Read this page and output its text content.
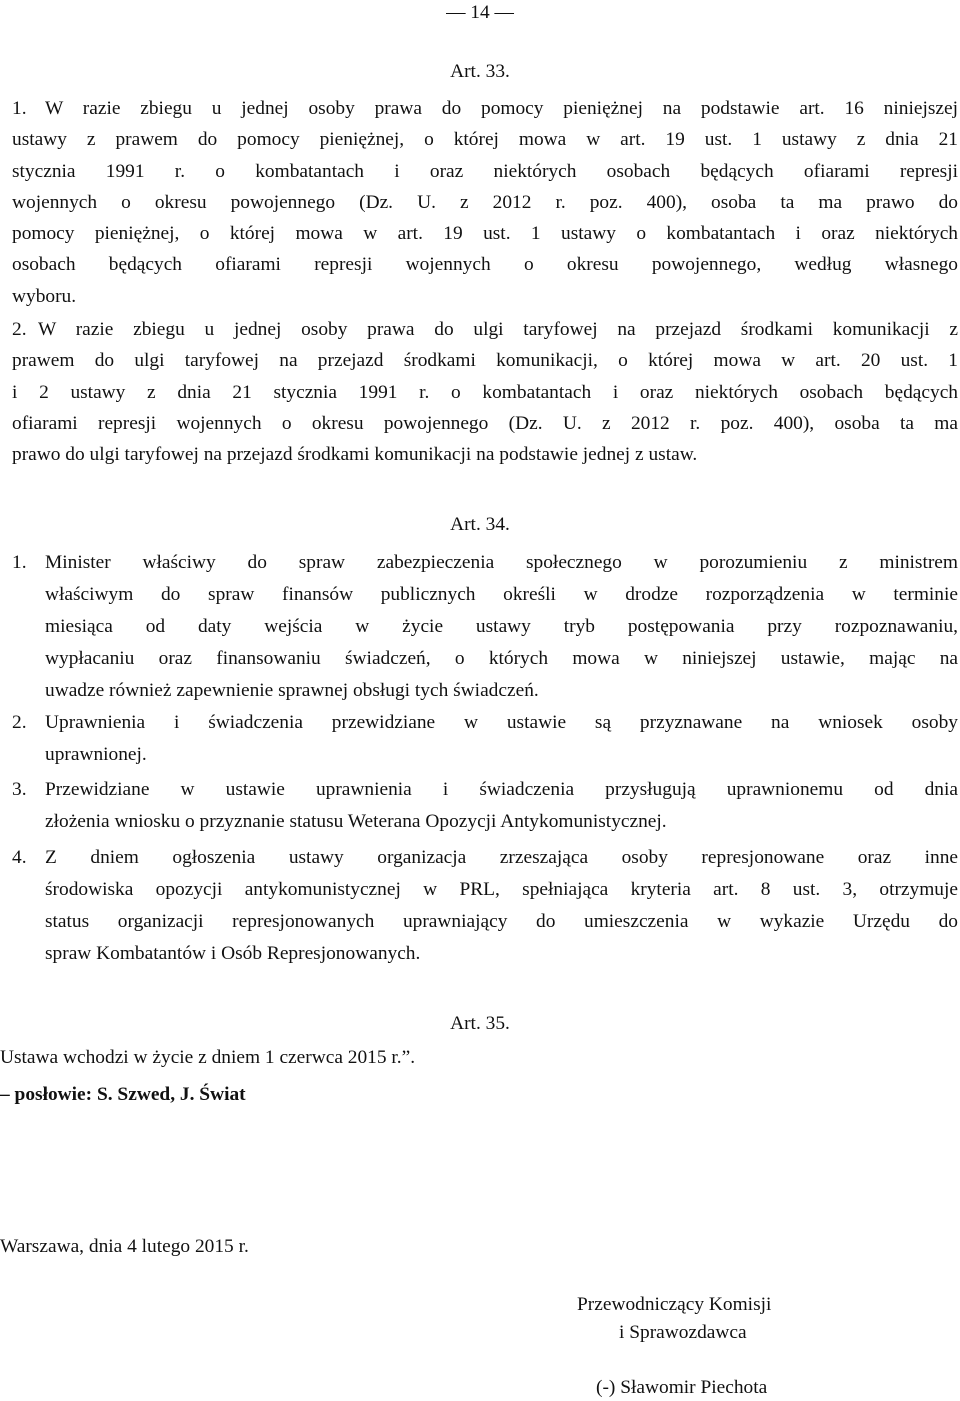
— 14 —
Art. 33.
1. W razie zbiegu u jednej osoby prawa do pomocy pieniężnej na podstawie art. 16 niniejszej
ustawy z prawem do pomocy pieniężnej, o której mowa w art. 19 ust. 1 ustawy z dnia 21
stycznia 1991 r. o kombatantach i oraz niektórych osobach będących ofiarami represji
wojennych o okresu powojennego (Dz. U. z 2012 r. poz. 400), osoba ta ma prawo do
pomocy pieniężnej, o której mowa w art. 19 ust. 1 ustawy o kombatantach i oraz niektórych
osobach będących ofiarami represji wojennych o okresu powojennego, według własnego
wyboru.
2. W razie zbiegu u jednej osoby prawa do ulgi taryfowej na przejazd środkami komunikacji z
prawem do ulgi taryfowej na przejazd środkami komunikacji, o której mowa w art. 20 ust. 1
i 2 ustawy z dnia 21 stycznia 1991 r. o kombatantach i oraz niektórych osobach będących
ofiarami represji wojennych o okresu powojennego (Dz. U. z 2012 r. poz. 400), osoba ta ma
prawo do ulgi taryfowej na przejazd środkami komunikacji na podstawie jednej z ustaw.
Art. 34.
1. Minister właściwy do spraw zabezpieczenia społecznego w porozumieniu z ministrem
właściwym do spraw finansów publicznych określi w drodze rozporządzenia w terminie
miesiąca od daty wejścia w życie ustawy tryb postępowania przy rozpoznawaniu,
wypłacaniu oraz finansowaniu świadczeń, o których mowa w niniejszej ustawie, mając na
uwadze również zapewnienie sprawnej obsługi tych świadczeń.
2. Uprawnienia i świadczenia przewidziane w ustawie są przyznawane na wniosek osoby
uprawnionej.
3. Przewidziane w ustawie uprawnienia i świadczenia przysługują uprawnionemu od dnia
złożenia wniosku o przyznanie statusu Weterana Opozycji Antykomunistycznej.
4. Z dniem ogłoszenia ustawy organizacja zrzeszająca osoby represjonowane oraz inne
środowiska opozycji antykomunistycznej w PRL, spełniająca kryteria art. 8 ust. 3, otrzymuje
status organizacji represjonowanych uprawniający do umieszczenia w wykazie Urzędu do
spraw Kombatantów i Osób Represjonowanych.
Art. 35.
Ustawa wchodzi w życie z dniem 1 czerwca 2015 r.”.
– posłowie: S. Szwed, J. Świat
Warszawa, dnia 4 lutego 2015 r.
Przewodniczący Komisji
i Sprawozdawca
(-) Sławomir Piechota
